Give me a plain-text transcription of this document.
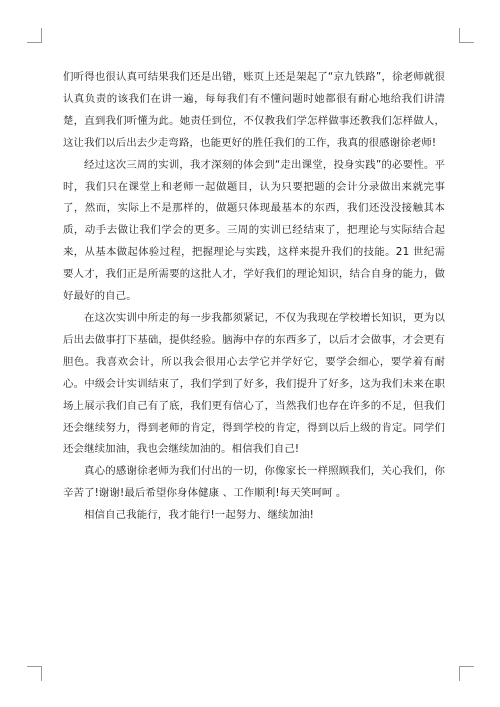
们听得也很认真可结果我们还是出错，账页上还是架起了“京九铁路”，徐老师就很认真负责的该我们在讲一遍，每每我们有不懂问题时她都很有耐心地给我们讲清楚，直到我们听懂为此。她责任到位，不仅教我们学怎样做事还教我们怎样做人，这让我们以后出去少走弯路，也能更好的胜任我们的工作，我真的很感谢徐老师!

经过这次三周的实训，我才深刻的体会到“走出课堂，投身实践”的必要性。平时，我们只在课堂上和老师一起做题目，认为只要把题的会计分录做出来就完事了，然而，实际上不是那样的，做题只体现最基本的东西，我们还没没接触其本质，动手去做让我们学会的更多。三周的实训已经结束了，把理论与实际结合起来，从基本做起体验过程，把握理论与实践，这样来提升我们的技能。21 世纪需要人才，我们正是所需要的这批人才，学好我们的理论知识，结合自身的能力，做好最好的自己。

在这次实训中所走的每一步我都须紧记，不仅为我现在学校增长知识，更为以后出去做事打下基础，提供经验。脑海中存的东西多了，以后才会做事，才会更有胆色。我喜欢会计，所以我会很用心去学它并学好它，要学会细心，要学着有耐心。中级会计实训结束了，我们学到了好多，我们提升了好多，这为我们未来在职场上展示我们自己有了底，我们更有信心了，当然我们也存在许多的不足，但我们还会继续努力，得到老师的肯定，得到学校的肯定，得到以后上级的肯定。同学们还会继续加油，我也会继续加油的。相信我们自己!

真心的感谢徐老师为我们付出的一切，你像家长一样照顾我们，关心我们，你辛苦了!谢谢!最后希望你身体健康 、工作顺利!每天笑呵呵 。

相信自己我能行，我才能行!一起努力、继续加油!
